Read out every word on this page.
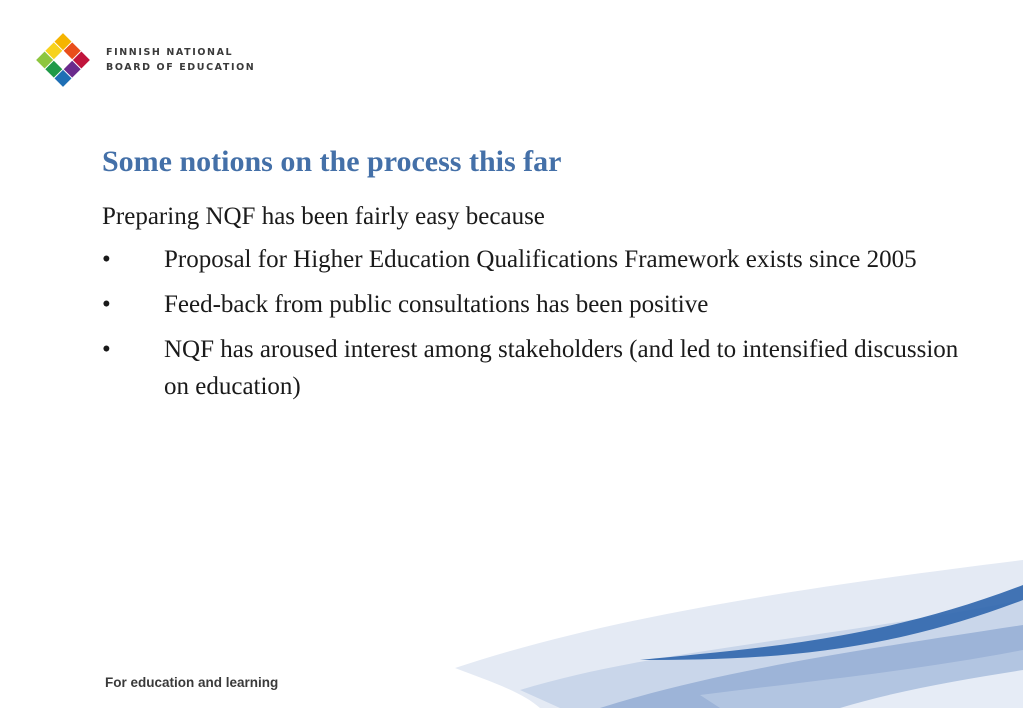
FINNISH NATIONAL
BOARD OF EDUCATION
Some notions on the process this far

Preparing NQF has been fairly easy because

• Proposal for Higher Education Qualifications Framework exists since 2005
• Feed-back from public consultations has been positive
• NQF has aroused interest among stakeholders (and led to intensified discussion on education)
For education and learning
